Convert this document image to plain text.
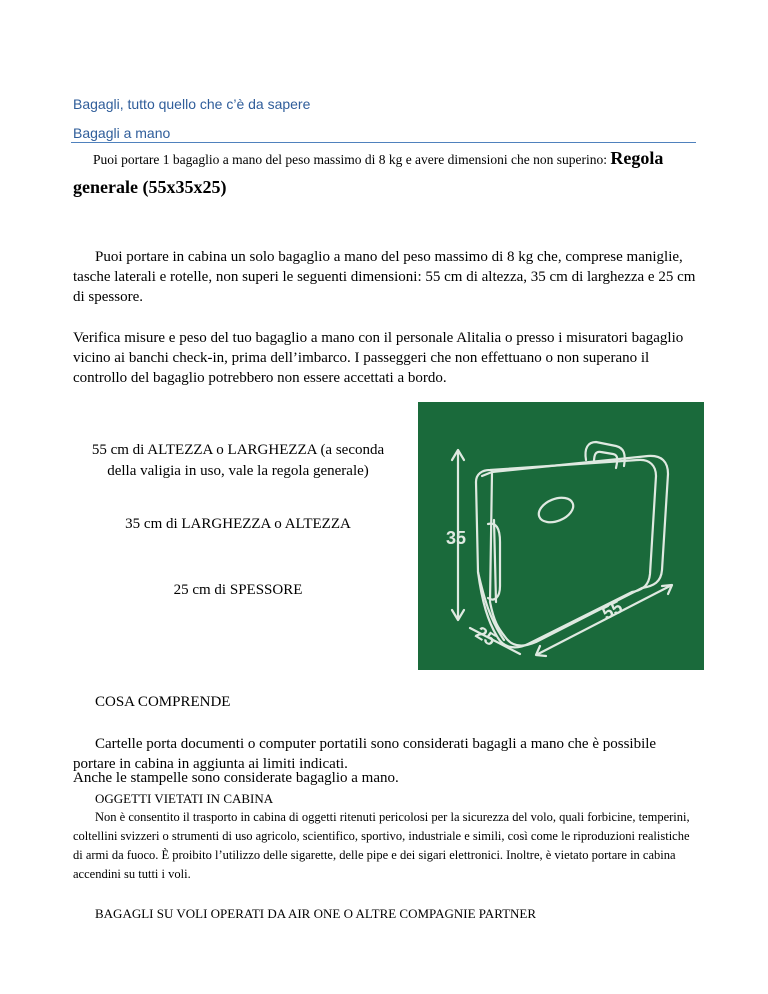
Bagagli, tutto quello che c’è da sapere
Bagagli a mano
Puoi portare 1 bagaglio a mano del peso massimo di 8 kg e avere dimensioni che non superino: Regola
generale (55x35x25)
Puoi portare in cabina un solo bagaglio a mano del peso massimo di 8 kg che, comprese maniglie, tasche laterali e rotelle, non superi le seguenti dimensioni: 55 cm di altezza, 35 cm di larghezza e 25 cm di spessore.
Verifica misure e peso del tuo bagaglio a mano con il personale Alitalia o presso i misuratori bagaglio vicino ai banchi check-in, prima dell’imbarco. I passeggeri che non effettuano o non superano il controllo del bagaglio potrebbero non essere accettati a bordo.
55 cm di ALTEZZA o LARGHEZZA (a seconda della valigia in uso, vale la regola generale)
35 cm di LARGHEZZA o ALTEZZA
25 cm di SPESSORE
35
25
55
COSA COMPRENDE
Cartelle porta documenti o computer portatili sono considerati bagagli a mano che è possibile portare in cabina in aggiunta ai limiti indicati.
Anche le stampelle sono considerate bagaglio a mano.
OGGETTI VIETATI IN CABINA
Non è consentito il trasporto in cabina di oggetti ritenuti pericolosi per la sicurezza del volo, quali forbicine, temperini, coltellini svizzeri o strumenti di uso agricolo, scientifico, sportivo, industriale e simili, così come le riproduzioni realistiche di armi da fuoco. È proibito l’utilizzo delle sigarette, delle pipe e dei sigari elettronici. Inoltre, è vietato portare in cabina accendini su tutti i voli.
BAGAGLI SU VOLI OPERATI DA AIR ONE O ALTRE COMPAGNIE PARTNER
